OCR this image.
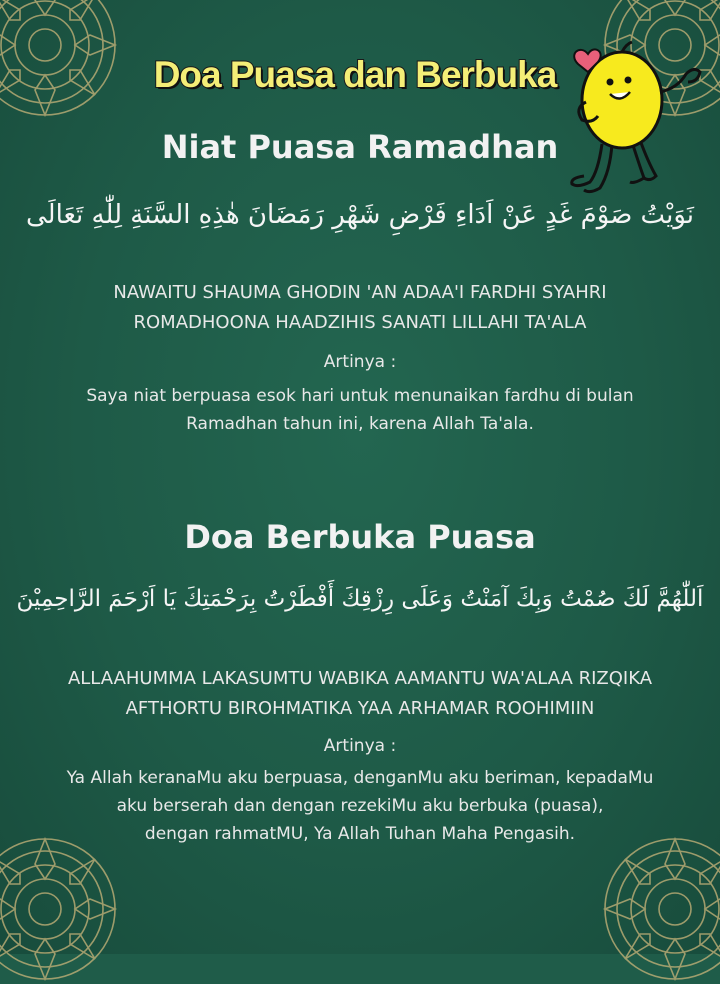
Doa Puasa dan Berbuka
Niat Puasa Ramadhan
نَوَيْتُ صَوْمَ غَدٍ عَنْ اَدَاءِ فَرْضِ شَهْرِ رَمَضَانَ هٰذِهِ السَّنَةِ لِلّٰهِ تَعَالَى
NAWAITU SHAUMA GHODIN 'AN ADAA'I FARDHI SYAHRI
ROMADHOONA HAADZIHIS SANATI LILLAHI TA'ALA
Artinya :
Saya niat berpuasa esok hari untuk menunaikan fardhu di bulan
Ramadhan tahun ini, karena Allah Ta'ala.
Doa Berbuka Puasa
اَللّٰهُمَّ لَكَ صُمْتُ وَبِكَ آمَنْتُ وَعَلَى رِزْقِكَ أَفْطَرْتُ بِرَحْمَتِكَ يَا اَرْحَمَ الرَّاحِمِيْنَ
ALLAAHUMMA LAKASUMTU WABIKA AAMANTU WA'ALAA RIZQIKA
AFTHORTU BIROHMATIKA YAA ARHAMAR ROOHIMIIN
Artinya :
Ya Allah keranaMu aku berpuasa, denganMu aku beriman, kepadaMu
aku berserah dan dengan rezekiMu aku berbuka (puasa),
dengan rahmatMU, Ya Allah Tuhan Maha Pengasih.
